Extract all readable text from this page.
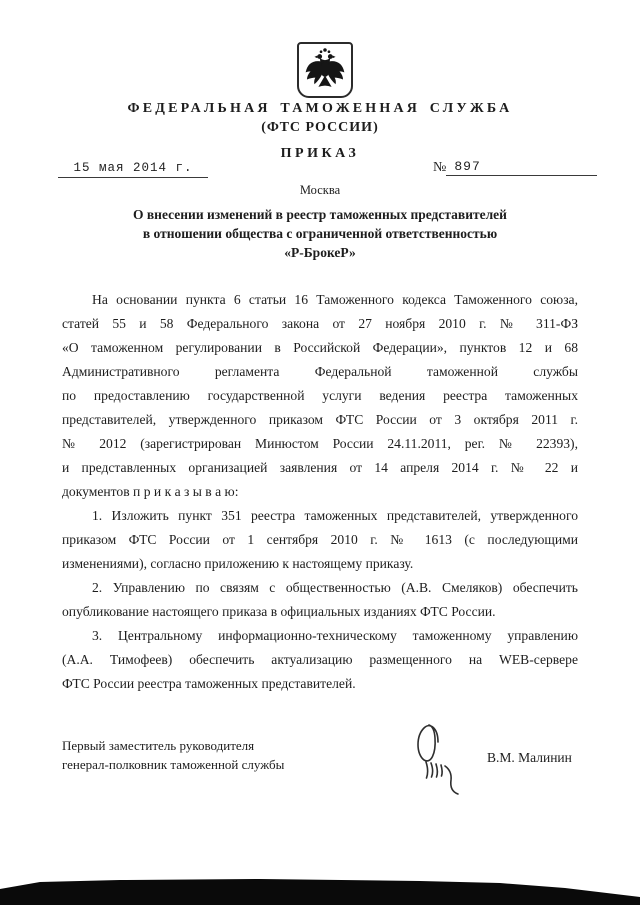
ФЕДЕРАЛЬНАЯ ТАМОЖЕННАЯ СЛУЖБА
(ФТС РОССИИ)
ПРИКАЗ
15 мая 2014 г.	№ 897
Москва
О внесении изменений в реестр таможенных представителей
в отношении общества с ограниченной ответственностью
«Р-БрокеР»
На основании пункта 6 статьи 16 Таможенного кодекса Таможенного союза,
статей 55 и 58 Федерального закона от 27 ноября 2010 г. № 311-ФЗ
«О таможенном регулировании в Российской Федерации», пунктов 12 и 68
Административного регламента Федеральной таможенной службы
по предоставлению государственной услуги ведения реестра таможенных
представителей, утвержденного приказом ФТС России от 3 октября 2011 г.
№ 2012 (зарегистрирован Минюстом России 24.11.2011, рег. № 22393),
и представленных организацией заявления от 14 апреля 2014 г. № 22 и
документов п р и к а з ы в а ю:
1. Изложить пункт 351 реестра таможенных представителей, утвержденного
приказом ФТС России от 1 сентября 2010 г. № 1613 (с последующими
изменениями), согласно приложению к настоящему приказу.
2. Управлению по связям с общественностью (А.В. Смеляков) обеспечить
опубликование настоящего приказа в официальных изданиях ФТС России.
3. Центральному информационно-техническому таможенному управлению
(А.А. Тимофеев) обеспечить актуализацию размещенного на WEB-сервере
ФТС России реестра таможенных представителей.
Первый заместитель руководителя
генерал-полковник таможенной службы	В.М. Малинин
